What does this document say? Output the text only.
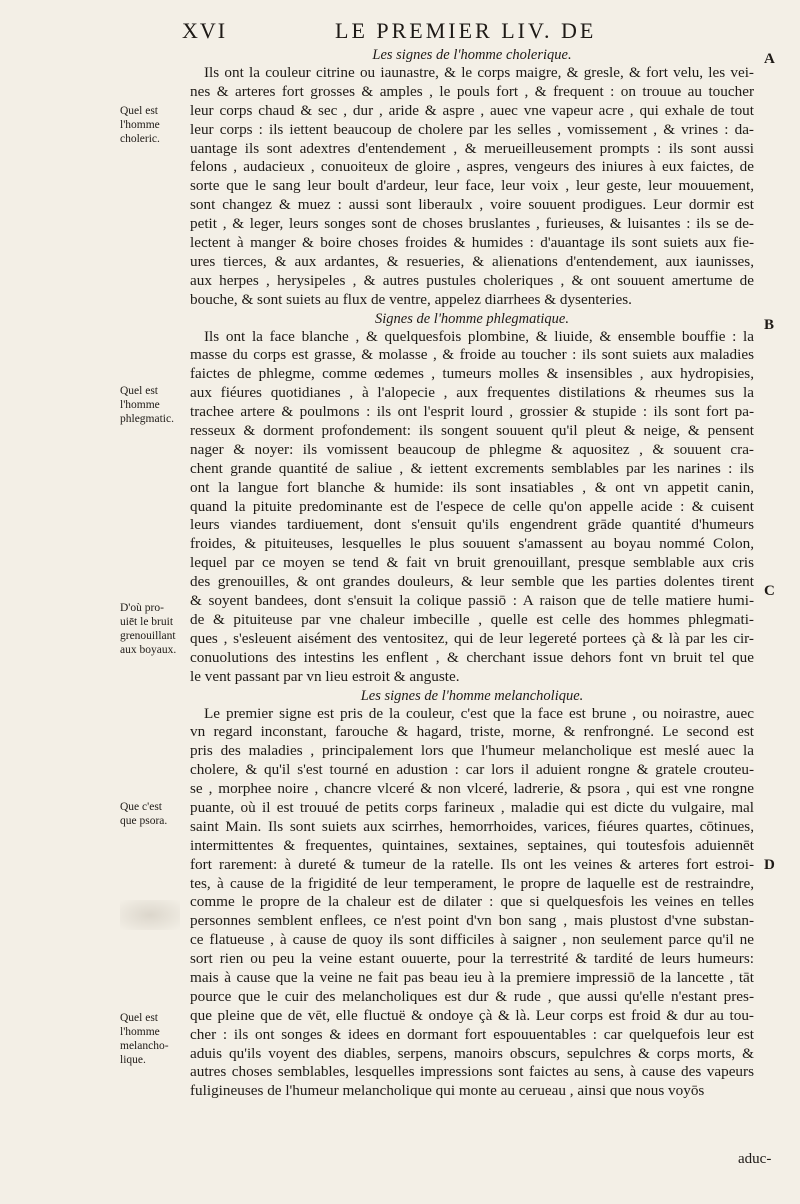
XVI	LE PREMIER LIV. DE

Les signes de l'homme cholerique.

Ils ont la couleur citrine ou iaunastre, & le corps maigre, & gresle, & fort velu, les vei-
nes & arteres fort grosses & amples , le pouls fort , & frequent : on trouue au toucher
leur corps chaud & sec , dur , aride & aspre , auec vne vapeur acre , qui exhale de tout
leur corps : ils iettent beaucoup de cholere par les selles , vomissement , & vrines : da-
uantage ils sont adextres d'entendement , & merueilleusement prompts : ils sont aussi
felons , audacieux , conuoiteux de gloire , aspres, vengeurs des iniures à eux faictes, de
sorte que le sang leur boult d'ardeur, leur face, leur voix , leur geste, leur mouuement,
sont changez & muez : aussi sont liberaulx , voire souuent prodigues. Leur dormir est
petit , & leger, leurs songes sont de choses bruslantes , furieuses, & luisantes : ils se de-
lectent à manger & boire choses froides & humides : d'auantage ils sont suiets aux fie-
ures tierces, & aux ardantes, & resueries, & alienations d'entendement, aux iaunisses,
aux herpes , herysipeles , & autres pustules choleriques , & ont souuent amertume de
bouche, & sont suiets au flux de ventre, appelez diarrhees & dysenteries.

Signes de l'homme phlegmatique.

Ils ont la face blanche , & quelquesfois plombine, & liuide, & ensemble bouffie : la
masse du corps est grasse, & molasse , & froide au toucher : ils sont suiets aux maladies
faictes de phlegme, comme œdemes , tumeurs molles & insensibles , aux hydropisies,
aux fiéures quotidianes , à l'alopecie , aux frequentes distilations & rheumes sus la
trachee artere & poulmons : ils ont l'esprit lourd , grossier & stupide : ils sont fort pa-
resseux & dorment profondement: ils songent souuent qu'il pleut & neige, & pensent
nager & noyer: ils vomissent beaucoup de phlegme & aquositez , & souuent cra-
chent grande quantité de saliue , & iettent excrements semblables par les narines : ils
ont la langue fort blanche & humide: ils sont insatiables , & ont vn appetit canin,
quand la pituite predominante est de l'espece de celle qu'on appelle acide : & cuisent
leurs viandes tardiuement, dont s'ensuit qu'ils engendrent grāde quantité d'humeurs
froides, & pituiteuses, lesquelles le plus souuent s'amassent au boyau nommé Colon,
lequel par ce moyen se tend & fait vn bruit grenouillant, presque semblable aux cris
des grenouilles, & ont grandes douleurs, & leur semble que les parties dolentes tirent
& soyent bandees, dont s'ensuit la colique passiō : A raison que de telle matiere humi-
de & pituiteuse par vne chaleur imbecille , quelle est celle des hommes phlegmati-
ques , s'esleuent aisément des ventositez, qui de leur legereté portees çà & là par les cir-
conuolutions des intestins les enflent , & cherchant issue dehors font vn bruit tel que
le vent passant par vn lieu estroit & anguste.

Les signes de l'homme melancholique.

Le premier signe est pris de la couleur, c'est que la face est brune , ou noirastre, auec
vn regard inconstant, farouche & hagard, triste, morne, & renfrongné. Le second est
pris des maladies , principalement lors que l'humeur melancholique est meslé auec la
cholere, & qu'il s'est tourné en adustion : car lors il aduient rongne & gratele crouteu-
se , morphee noire , chancre vlceré & non vlceré, ladrerie, & psora , qui est vne rongne
puante, où il est trouué de petits corps farineux , maladie qui est dicte du vulgaire, mal
saint Main. Ils sont suiets aux scirrhes, hemorrhoides, varices, fiéures quartes, cōtinues,
intermittentes & frequentes, quintaines, sextaines, septaines, qui toutesfois aduiennēt
fort rarement: à dureté & tumeur de la ratelle. Ils ont les veines & arteres fort estroi-
tes, à cause de la frigidité de leur temperament, le propre de laquelle est de restraindre,
comme le propre de la chaleur est de dilater : que si quelquesfois les veines en telles
personnes semblent enflees, ce n'est point d'vn bon sang , mais plustost d'vne substan-
ce flatueuse , à cause de quoy ils sont difficiles à saigner , non seulement parce qu'il ne
sort rien ou peu la veine estant ouuerte, pour la terrestrité & tardité de leurs humeurs:
mais à cause que la veine ne fait pas beau ieu à la premiere impressiō de la lancette , tāt
pource que le cuir des melancholiques est dur & rude , que aussi qu'elle n'estant pres-
que pleine que de vēt, elle fluctuë & ondoye çà & là. Leur corps est froid & dur au tou-
cher : ils ont songes & idees en dormant fort espouuentables : car quelquefois leur est
aduis qu'ils voyent des diables, serpens, manoirs obscurs, sepulchres & corps morts, &
autres choses semblables, lesquelles impressions sont faictes au sens, à cause des vapeurs
fuligineuses de l'humeur melancholique qui monte au cerueau , ainsi que nous voyōs
Quel est
l'homme
choleric.
Quel est
l'homme
phlegmatic.
D'où pro-
uiēt le bruit
grenouillant
aux boyaux.
Que c'est
que psora.
Quel est
l'homme
melancho-
lique.
A
B
C
D
aduc-
